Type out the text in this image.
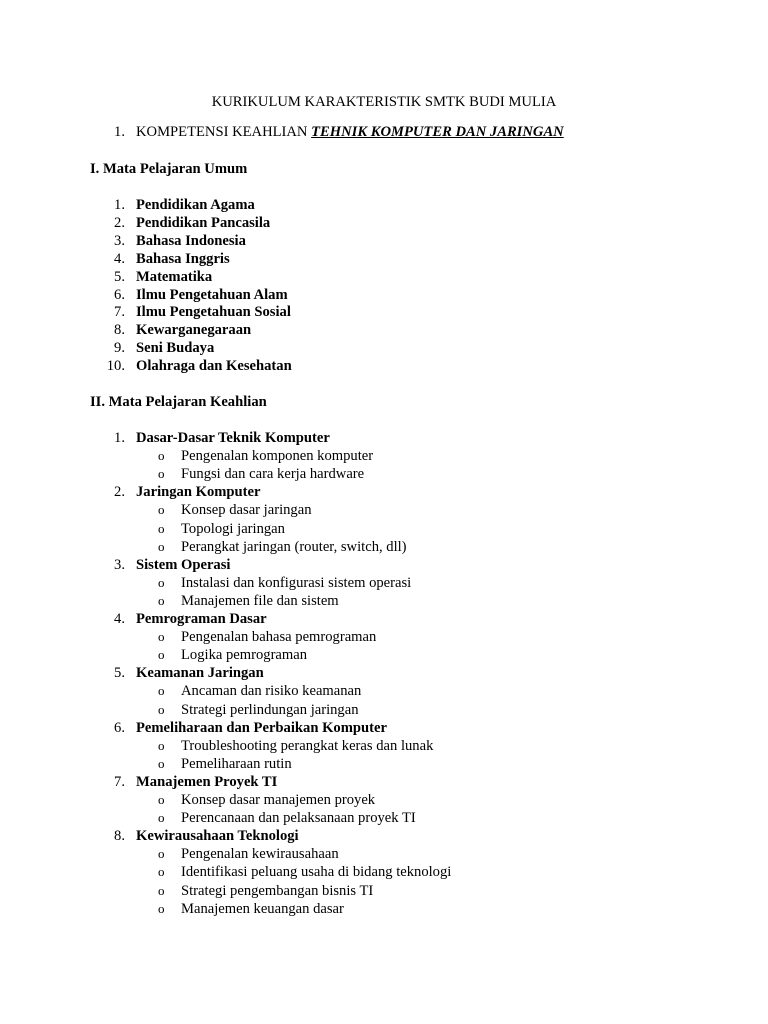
KURIKULUM KARAKTERISTIK SMTK BUDI MULIA
1. KOMPETENSI KEAHLIAN TEHNIK KOMPUTER DAN JARINGAN
I. Mata Pelajaran Umum
1. Pendidikan Agama
2. Pendidikan Pancasila
3. Bahasa Indonesia
4. Bahasa Inggris
5. Matematika
6. Ilmu Pengetahuan Alam
7. Ilmu Pengetahuan Sosial
8. Kewarganegaraan
9. Seni Budaya
10. Olahraga dan Kesehatan
II. Mata Pelajaran Keahlian
1. Dasar-Dasar Teknik Komputer
o Pengenalan komponen komputer
o Fungsi dan cara kerja hardware
2. Jaringan Komputer
o Konsep dasar jaringan
o Topologi jaringan
o Perangkat jaringan (router, switch, dll)
3. Sistem Operasi
o Instalasi dan konfigurasi sistem operasi
o Manajemen file dan sistem
4. Pemrograman Dasar
o Pengenalan bahasa pemrograman
o Logika pemrograman
5. Keamanan Jaringan
o Ancaman dan risiko keamanan
o Strategi perlindungan jaringan
6. Pemeliharaan dan Perbaikan Komputer
o Troubleshooting perangkat keras dan lunak
o Pemeliharaan rutin
7. Manajemen Proyek TI
o Konsep dasar manajemen proyek
o Perencanaan dan pelaksanaan proyek TI
8. Kewirausahaan Teknologi
o Pengenalan kewirausahaan
o Identifikasi peluang usaha di bidang teknologi
o Strategi pengembangan bisnis TI
o Manajemen keuangan dasar
